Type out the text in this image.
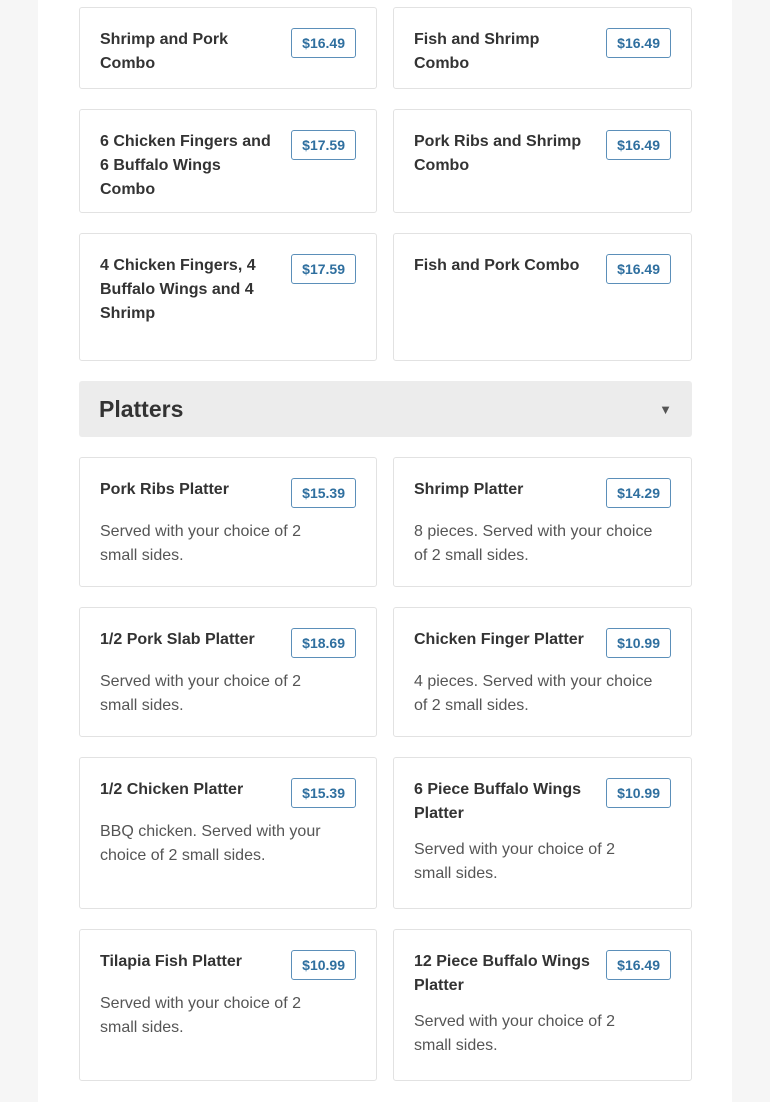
Shrimp and Pork Combo
$16.49	Fish and Shrimp Combo
$16.49
6 Chicken Fingers and 6 Buffalo Wings Combo
$17.59	Pork Ribs and Shrimp Combo
$16.49
4 Chicken Fingers, 4 Buffalo Wings and 4 Shrimp
$17.59	Fish and Pork Combo	$16.49
Platters	▼
Pork Ribs Platter	$15.39
Served with your choice of 2 small sides.
Shrimp Platter	$14.29
8 pieces. Served with your choice of 2 small sides.
1/2 Pork Slab Platter	$18.69
Served with your choice of 2 small sides.
Chicken Finger Platter	$10.99
4 pieces. Served with your choice of 2 small sides.
1/2 Chicken Platter	$15.39
BBQ chicken. Served with your choice of 2 small sides.
6 Piece Buffalo Wings Platter
$10.99
Served with your choice of 2 small sides.
Tilapia Fish Platter	$10.99
Served with your choice of 2 small sides.
12 Piece Buffalo Wings Platter
$16.49
Served with your choice of 2 small sides.
